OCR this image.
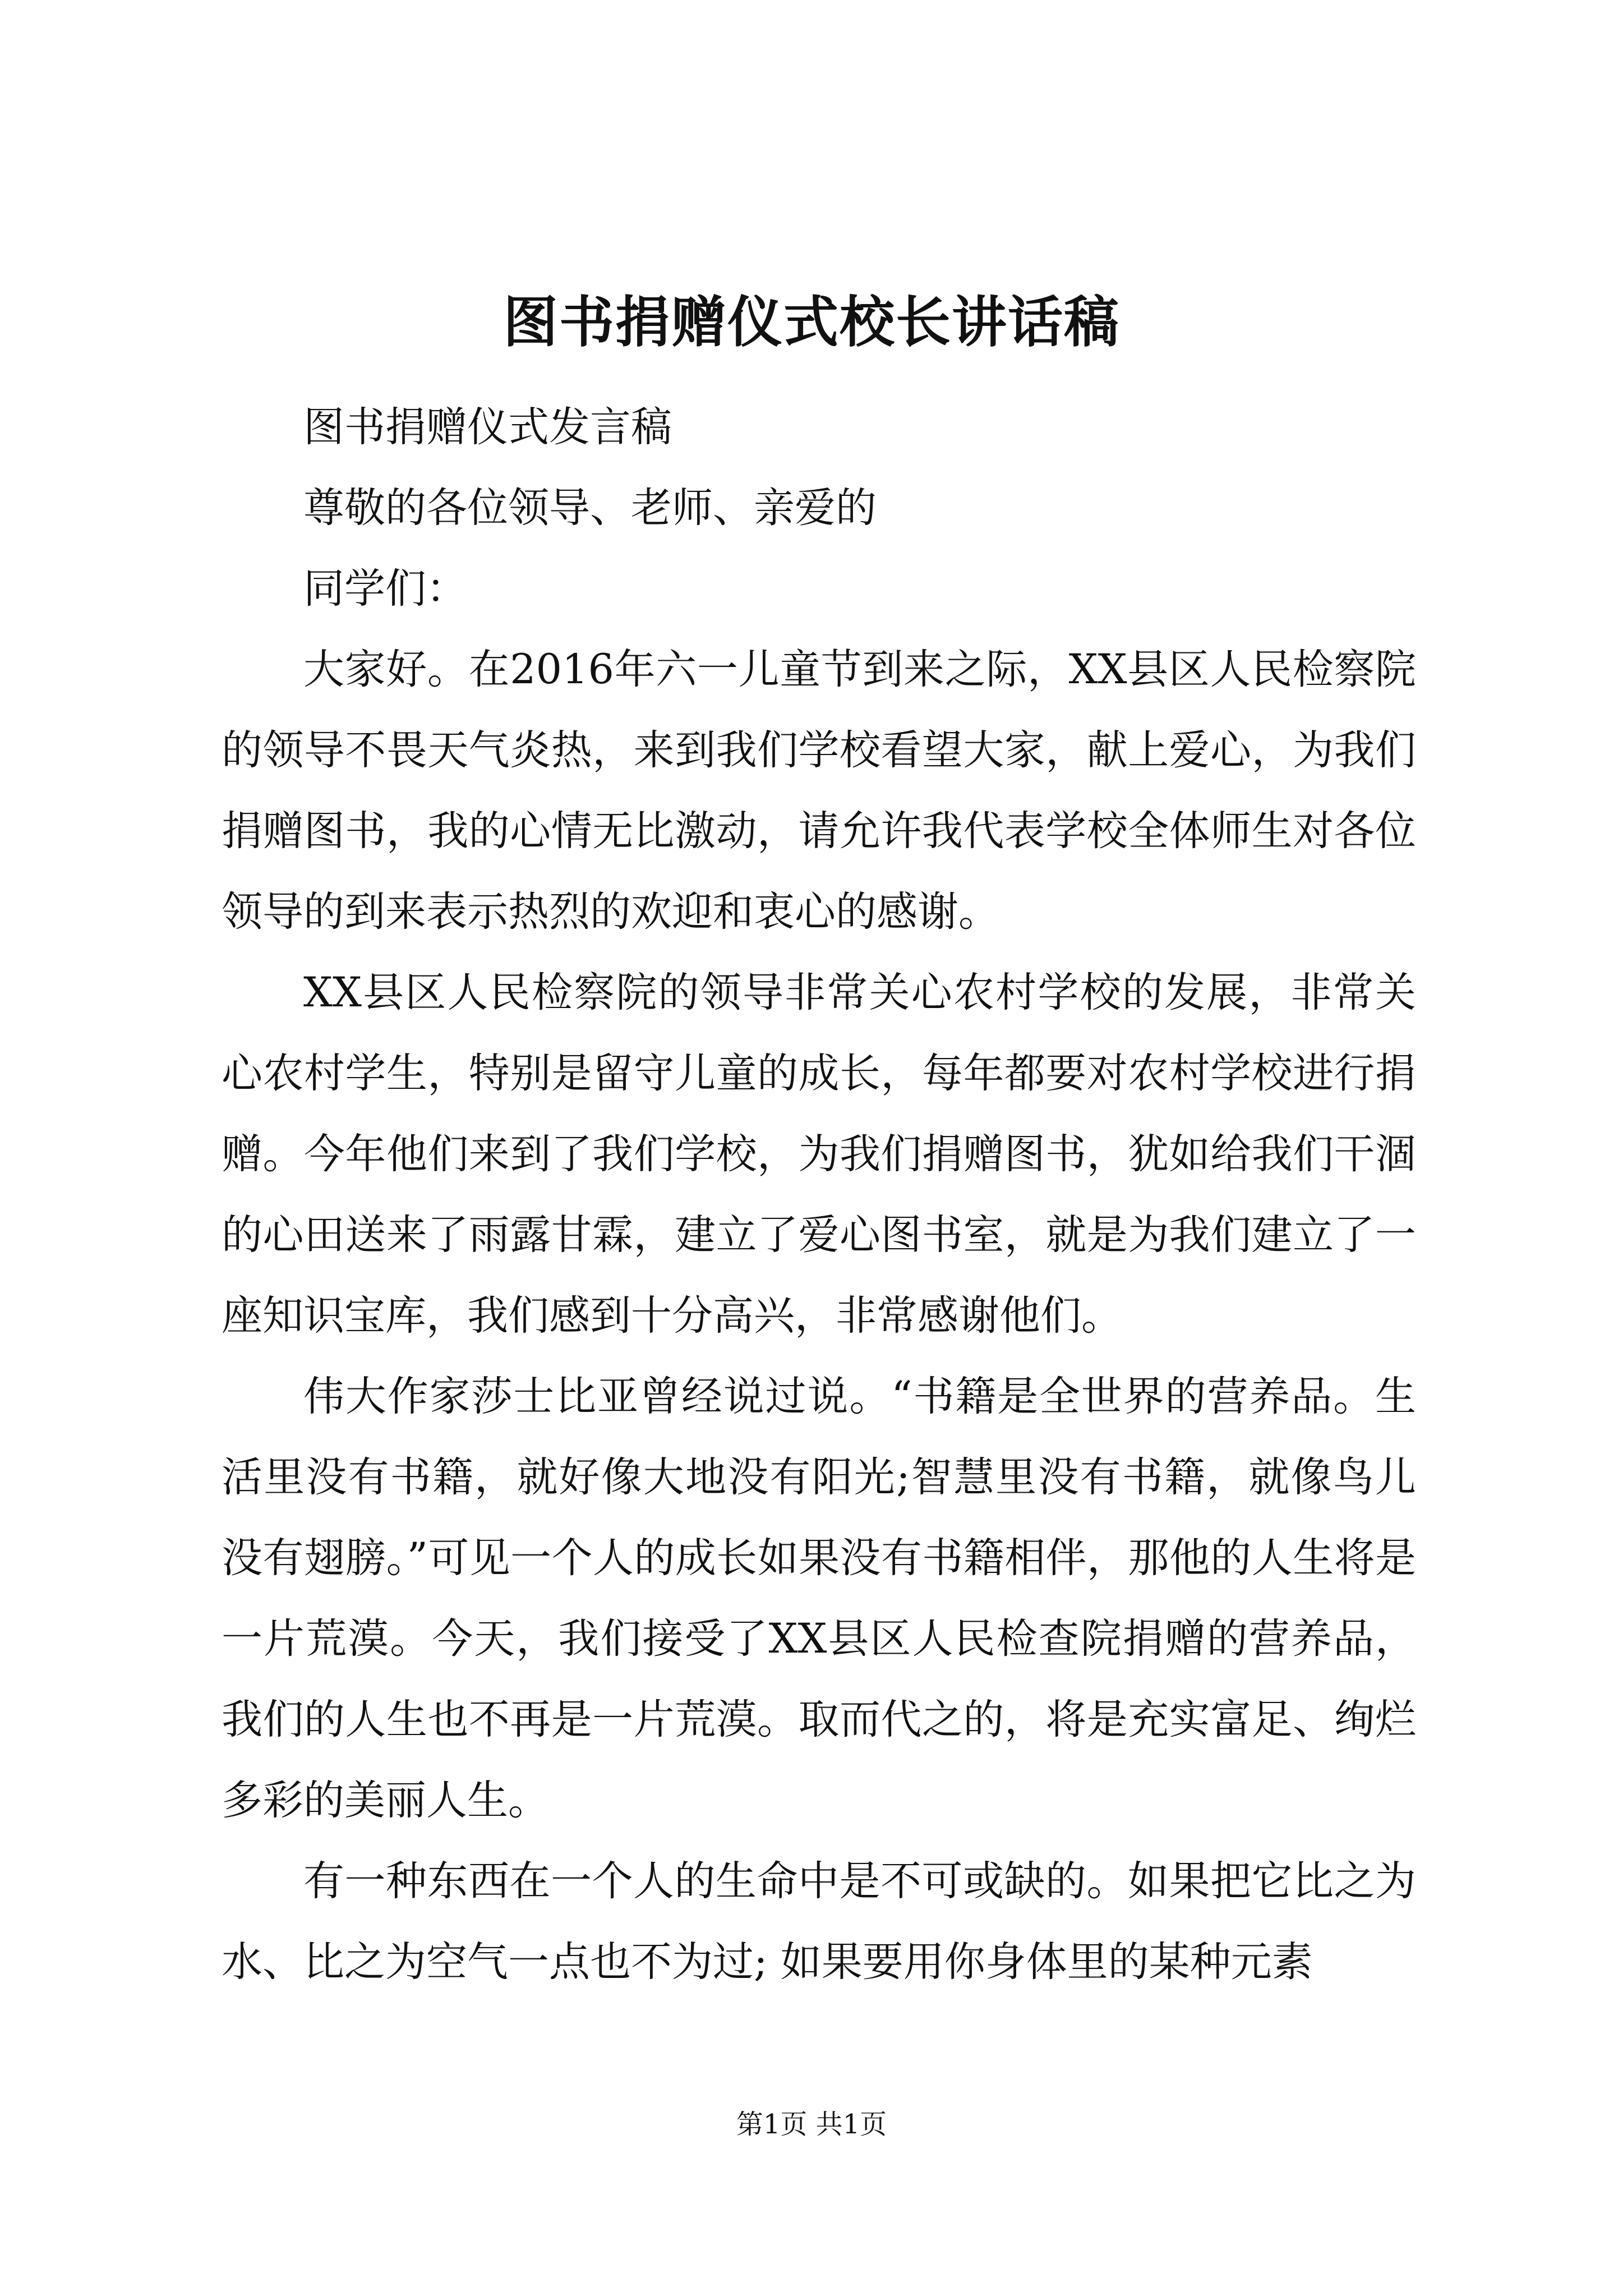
图书捐赠仪式校长讲话稿

图书捐赠仪式发言稿

尊敬的各位领导、老师、亲爱的

同学们：

大家好。在2016年六一儿童节到来之际，XX县区人民检察院的领导不畏天气炎热，来到我们学校看望大家，献上爱心，为我们捐赠图书，我的心情无比激动，请允许我代表学校全体师生对各位领导的到来表示热烈的欢迎和衷心的感谢。

XX县区人民检察院的领导非常关心农村学校的发展，非常关心农村学生，特别是留守儿童的成长，每年都要对农村学校进行捐赠。今年他们来到了我们学校，为我们捐赠图书，犹如给我们干涸的心田送来了雨露甘霖，建立了爱心图书室，就是为我们建立了一座知识宝库，我们感到十分高兴，非常感谢他们。

伟大作家莎士比亚曾经说过说。“书籍是全世界的营养品。生活里没有书籍，就好像大地没有阳光;智慧里没有书籍，就像鸟儿没有翅膀。”可见一个人的成长如果没有书籍相伴，那他的人生将是一片荒漠。今天，我们接受了XX县区人民检查院捐赠的营养品，我们的人生也不再是一片荒漠。取而代之的，将是充实富足、绚烂多彩的美丽人生。

有一种东西在一个人的生命中是不可或缺的。如果把它比之为水、比之为空气一点也不为过; 如果要用你身体里的某种元素

第1页 共1页
